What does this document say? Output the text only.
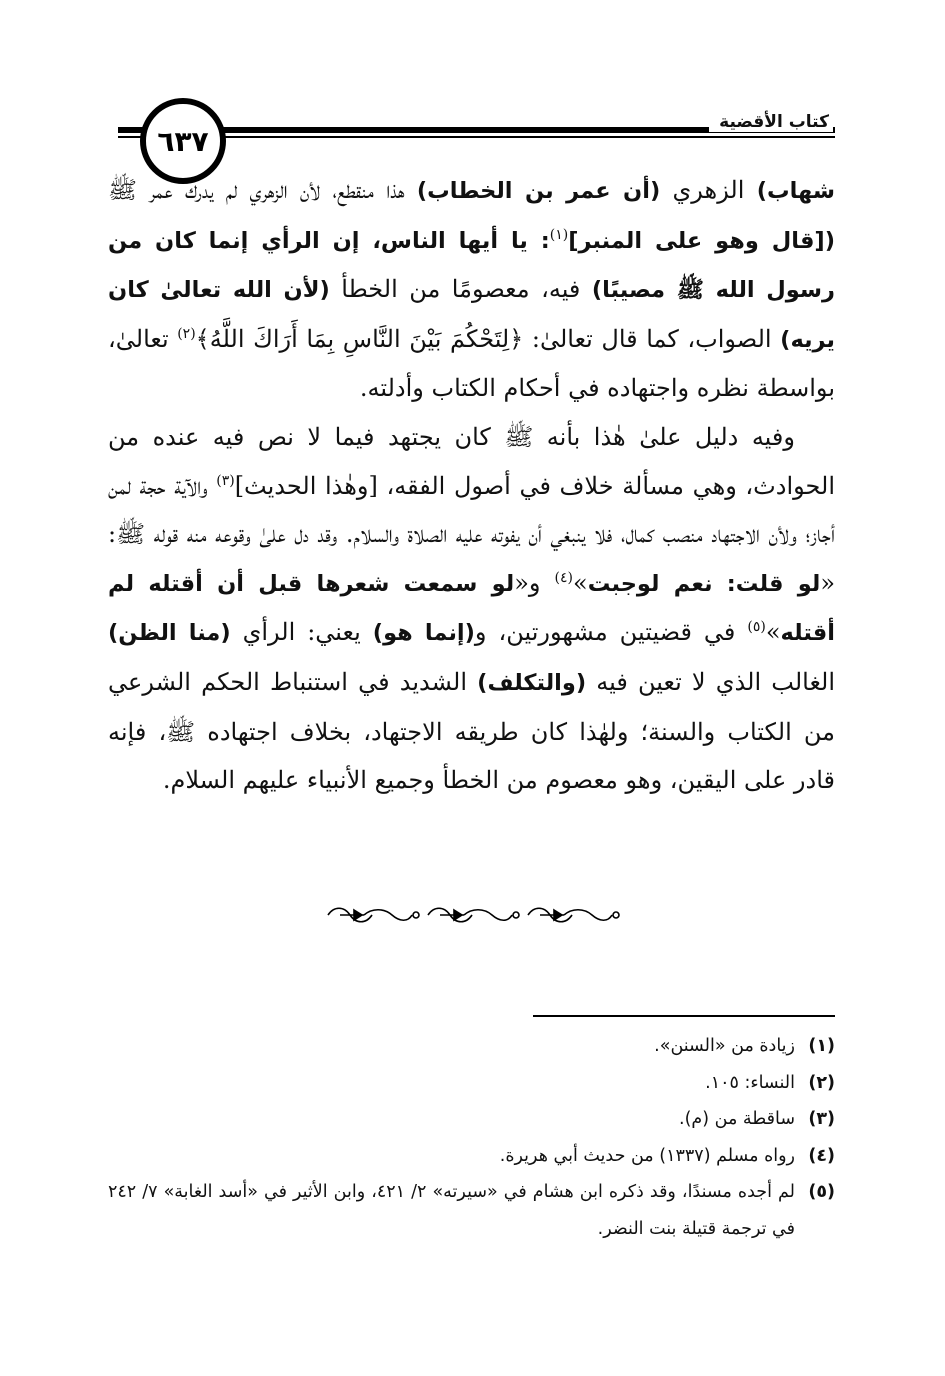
٦٣٧
كتاب الأقضية

شهاب) الزهري (أن عمر بن الخطاب) هذا منقطع، لأن الزهري لم يدرك عمر ﷺ ([قال وهو على المنبر]$^{(١)}$: يا أيها الناس، إن الرأي إنما كان من رسول الله ﷺ مصيبًا) فيه، معصومًا من الخطأ (لأن الله تعالىٰ كان يريه) الصواب، كما قال تعالىٰ: ﴿لِتَحْكُمَ بَيْنَ النَّاسِ بِمَا أَرَاكَ اللَّهُ﴾$^{(٢)}$ تعالىٰ، بواسطة نظره واجتهاده في أحكام الكتاب وأدلته.

وفيه دليل علىٰ هٰذا بأنه ﷺ كان يجتهد فيما لا نص فيه عنده من الحوادث، وهي مسألة خلاف في أصول الفقه، [وهٰذا الحديث]$^{(٣)}$ والآية حجة لمن أجاز؛ ولأن الاجتهاد منصب كمال، فلا ينبغي أن يفوته عليه الصلاة والسلام. وقد دل علىٰ وقوعه منه قوله ﷺ: «لو قلت: نعم لوجبت»$^{(٤)}$ و«لو سمعت شعرها قبل أن أقتله لم أقتله»$^{(٥)}$ في قضيتين مشهورتين، و(إنما هو) يعني: الرأي (منا الظن) الغالب الذي لا تعين فيه (والتكلف) الشديد في استنباط الحكم الشرعي من الكتاب والسنة؛ ولهٰذا كان طريقه الاجتهاد، بخلاف اجتهاده ﷺ، فإنه قادر على اليقين، وهو معصوم من الخطأ وجميع الأنبياء عليهم السلام.

(١)
زيادة من «السنن».
(٢)
النساء: ١٠٥.
(٣)
ساقطة من (م).
(٤)
رواه مسلم (١٣٣٧) من حديث أبي هريرة.
(٥)
لم أجده مسندًا، وقد ذكره ابن هشام في «سيرته» ٢/ ٤٢١، وابن الأثير في «أسد الغابة» ٧/ ٢٤٢ في ترجمة قتيلة بنت النضر.
